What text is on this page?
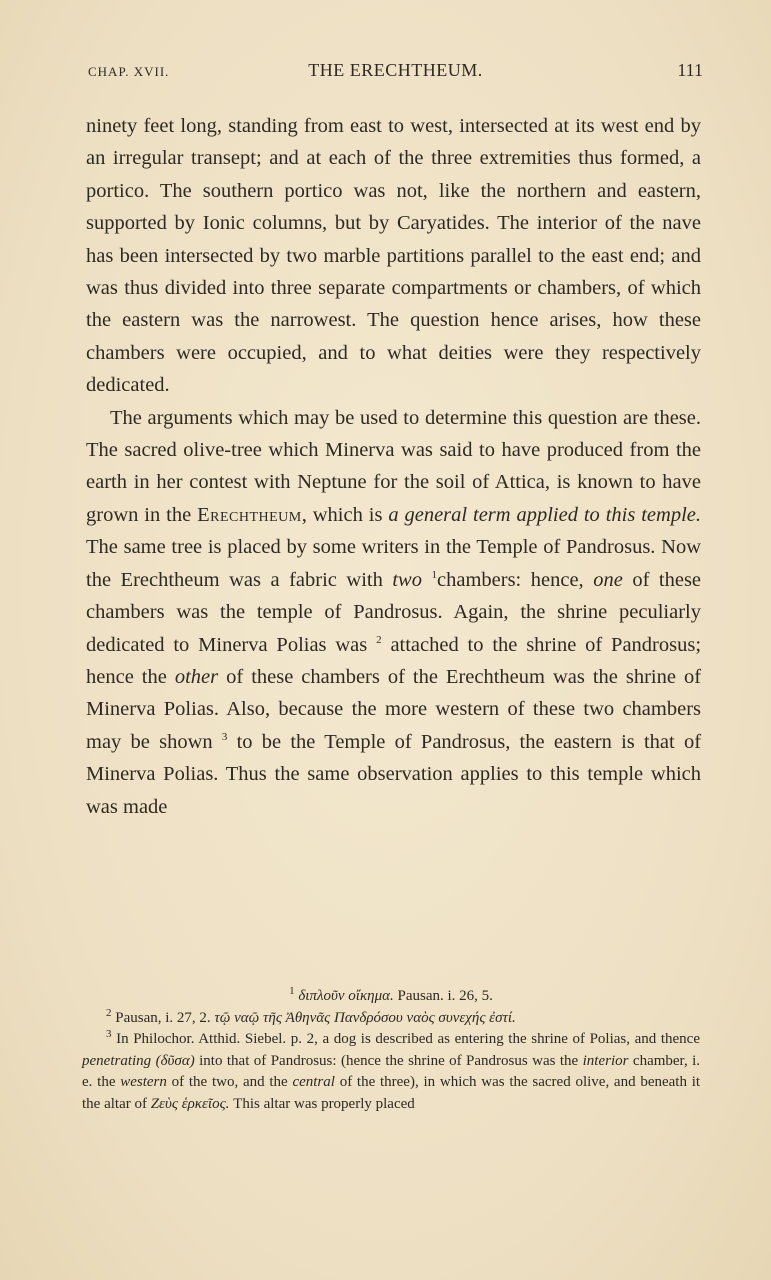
CHAP. XVII.	THE ERECHTHEUM.	111

ninety feet long, standing from east to west, intersected at its west end by an irregular transept; and at each of the three extremities thus formed, a portico. The southern portico was not, like the northern and eastern, supported by Ionic columns, but by Caryatides. The interior of the nave has been intersected by two marble partitions parallel to the east end; and was thus divided into three separate compartments or chambers, of which the eastern was the narrowest. The question hence arises, how these chambers were occupied, and to what deities were they respectively dedicated.

The arguments which may be used to determine this question are these. The sacred olive-tree which Minerva was said to have produced from the earth in her contest with Neptune for the soil of Attica, is known to have grown in the Erechtheum, which is a general term applied to this temple. The same tree is placed by some writers in the Temple of Pandrosus. Now the Erechtheum was a fabric with two $^1$chambers: hence, one of these chambers was the temple of Pandrosus. Again, the shrine peculiarly dedicated to Minerva Polias was $^2$ attached to the shrine of Pandrosus; hence the other of these chambers of the Erechtheum was the shrine of Minerva Polias. Also, because the more western of these two chambers may be shown $^3$ to be the Temple of Pandrosus, the eastern is that of Minerva Polias. Thus the same observation applies to this temple which was made

$^1$ διπλοῦν οἴκημα. Pausan. i. 26, 5.

$^2$ Pausan, i. 27, 2. τῷ ναῷ τῆς Ἀθηνᾶς Πανδρόσου ναὸς συνεχής ἐστί.

$^3$ In Philochor. Atthid. Siebel. p. 2, a dog is described as entering the shrine of Polias, and thence penetrating (δῦσα) into that of Pandrosus: (hence the shrine of Pandrosus was the interior chamber, i. e. the western of the two, and the central of the three), in which was the sacred olive, and beneath it the altar of Ζεὺς ἑρκεῖος. This altar was properly placed
